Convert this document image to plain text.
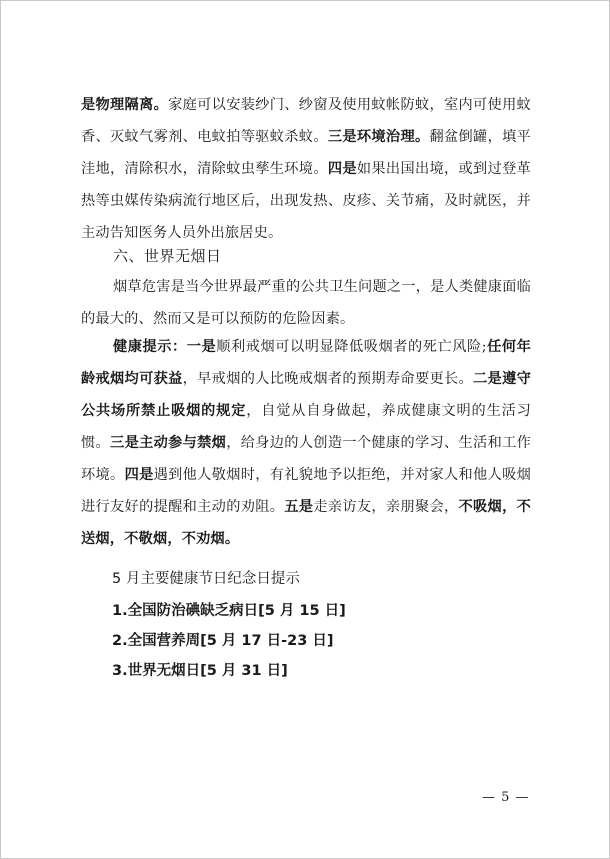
是物理隔离。家庭可以安装纱门、纱窗及使用蚊帐防蚊，室内可使用蚊香、灭蚊气雾剂、电蚊拍等驱蚊杀蚊。三是环境治理。翻盆倒罐，填平洼地，清除积水，清除蚊虫孳生环境。四是如果出国出境，或到过登革热等虫媒传染病流行地区后，出现发热、皮疹、关节痛，及时就医，并主动告知医务人员外出旅居史。

六、世界无烟日

烟草危害是当今世界最严重的公共卫生问题之一，是人类健康面临的最大的、然而又是可以预防的危险因素。

健康提示：一是顺利戒烟可以明显降低吸烟者的死亡风险;任何年龄戒烟均可获益，早戒烟的人比晚戒烟者的预期寿命要更长。二是遵守公共场所禁止吸烟的规定，自觉从自身做起，养成健康文明的生活习惯。三是主动参与禁烟，给身边的人创造一个健康的学习、生活和工作环境。四是遇到他人敬烟时，有礼貌地予以拒绝，并对家人和他人吸烟进行友好的提醒和主动的劝阻。五是走亲访友，亲朋聚会，不吸烟，不送烟，不敬烟，不劝烟。

5 月主要健康节日纪念日提示

1.全国防治碘缺乏病日[5 月 15 日]

2.全国营养周[5 月 17 日-23 日]

3.世界无烟日[5 月 31 日]

— 5 —
